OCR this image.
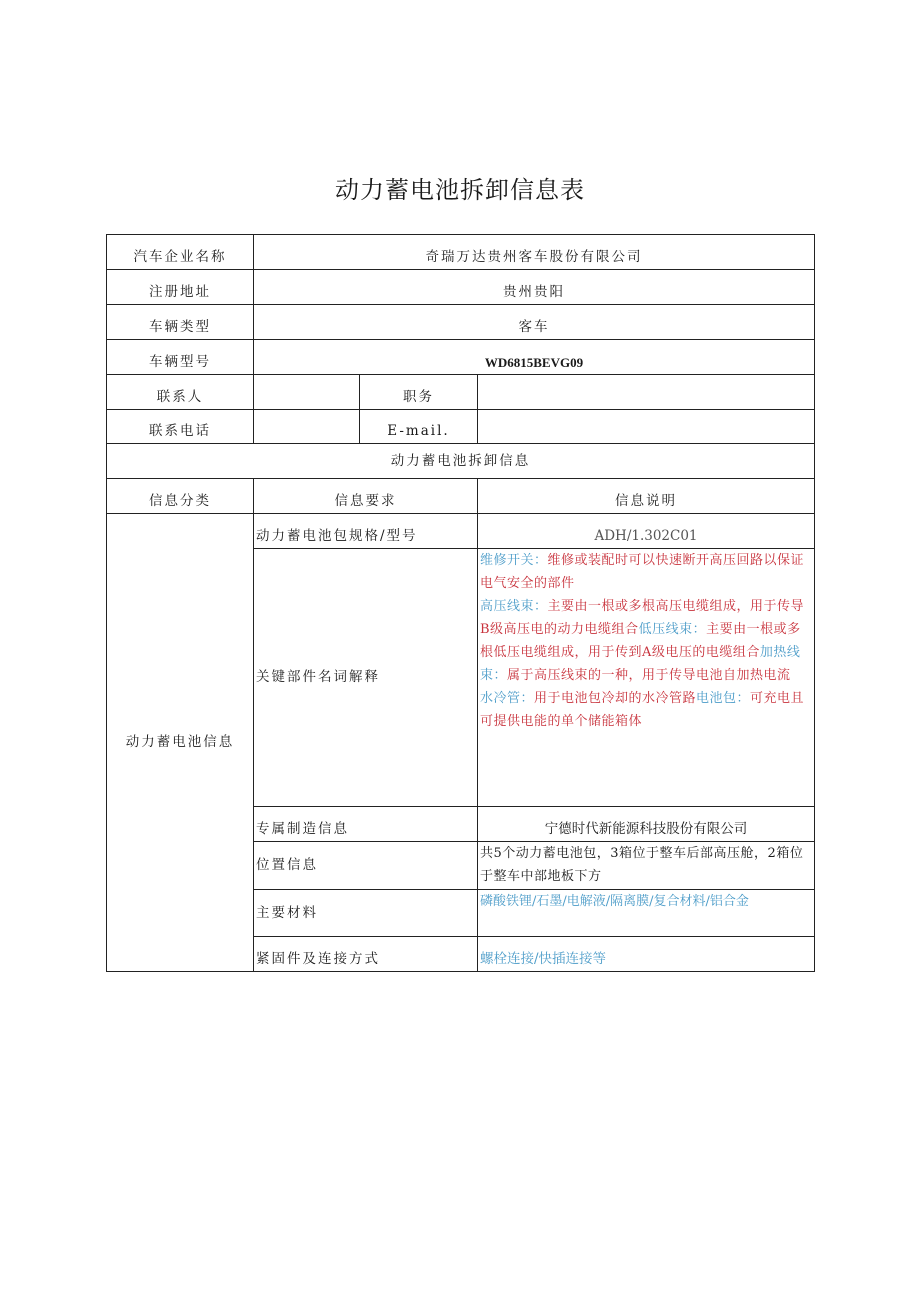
动力蓄电池拆卸信息表
汽车企业名称	奇瑞万达贵州客车股份有限公司		
注册地址	贵州贵阳		
车辆类型	客车		
车辆型号	WD6815BEVG09		
联系人		职务	
联系电话		E-mail.	
动力蓄电池拆卸信息			
信息分类	信息要求		信息说明
动力蓄电池信息	动力蓄电池包规格/型号		ADH/1.302C01
	关键部件名词解释		维修开关：维修或装配时可以快速断开高压回路以保证电气安全的部件
高压线束：主要由一根或多根高压电缆组成，用于传导B级高压电的动力电缆组合低压线束：主要由一根或多根低压电缆组成，用于传到A级电压的电缆组合加热线束：属于高压线束的一种，用于传导电池自加热电流
水冷管：用于电池包冷却的水冷管路电池包：可充电且可提供电能的单个储能箱体
	专属制造信息		宁德时代新能源科技股份有限公司
	位置信息		共5个动力蓄电池包，3箱位于整车后部高压舱，2箱位于整车中部地板下方
	主要材料		磷酸铁锂/石墨/电解液/隔离膜/复合材料/铝合金
	紧固件及连接方式		螺栓连接/快插连接等
